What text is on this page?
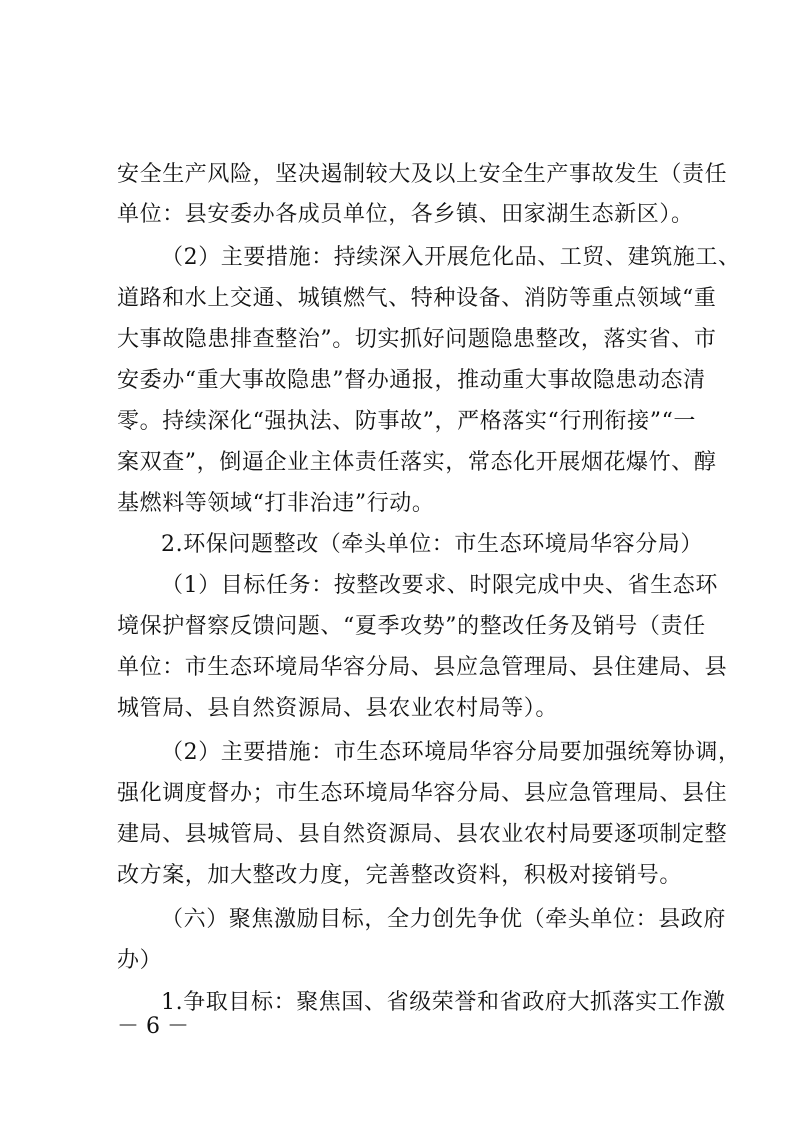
安全生产风险，坚决遏制较大及以上安全生产事故发生（责任
单位：县安委办各成员单位，各乡镇、田家湖生态新区）。
（2）主要措施：持续深入开展危化品、工贸、建筑施工、
道路和水上交通、城镇燃气、特种设备、消防等重点领域“重
大事故隐患排查整治”。切实抓好问题隐患整改，落实省、市
安委办“重大事故隐患”督办通报，推动重大事故隐患动态清
零。持续深化“强执法、防事故”，严格落实“行刑衔接”“一
案双查”，倒逼企业主体责任落实，常态化开展烟花爆竹、醇
基燃料等领域“打非治违”行动。
2.环保问题整改（牵头单位：市生态环境局华容分局）
（1）目标任务：按整改要求、时限完成中央、省生态环
境保护督察反馈问题、“夏季攻势”的整改任务及销号（责任
单位：市生态环境局华容分局、县应急管理局、县住建局、县
城管局、县自然资源局、县农业农村局等）。
（2）主要措施：市生态环境局华容分局要加强统筹协调，
强化调度督办；市生态环境局华容分局、县应急管理局、县住
建局、县城管局、县自然资源局、县农业农村局要逐项制定整
改方案，加大整改力度，完善整改资料，积极对接销号。
（六）聚焦激励目标，全力创先争优（牵头单位：县政府
办）
1.争取目标：聚焦国、省级荣誉和省政府大抓落实工作激
－ 6 －
